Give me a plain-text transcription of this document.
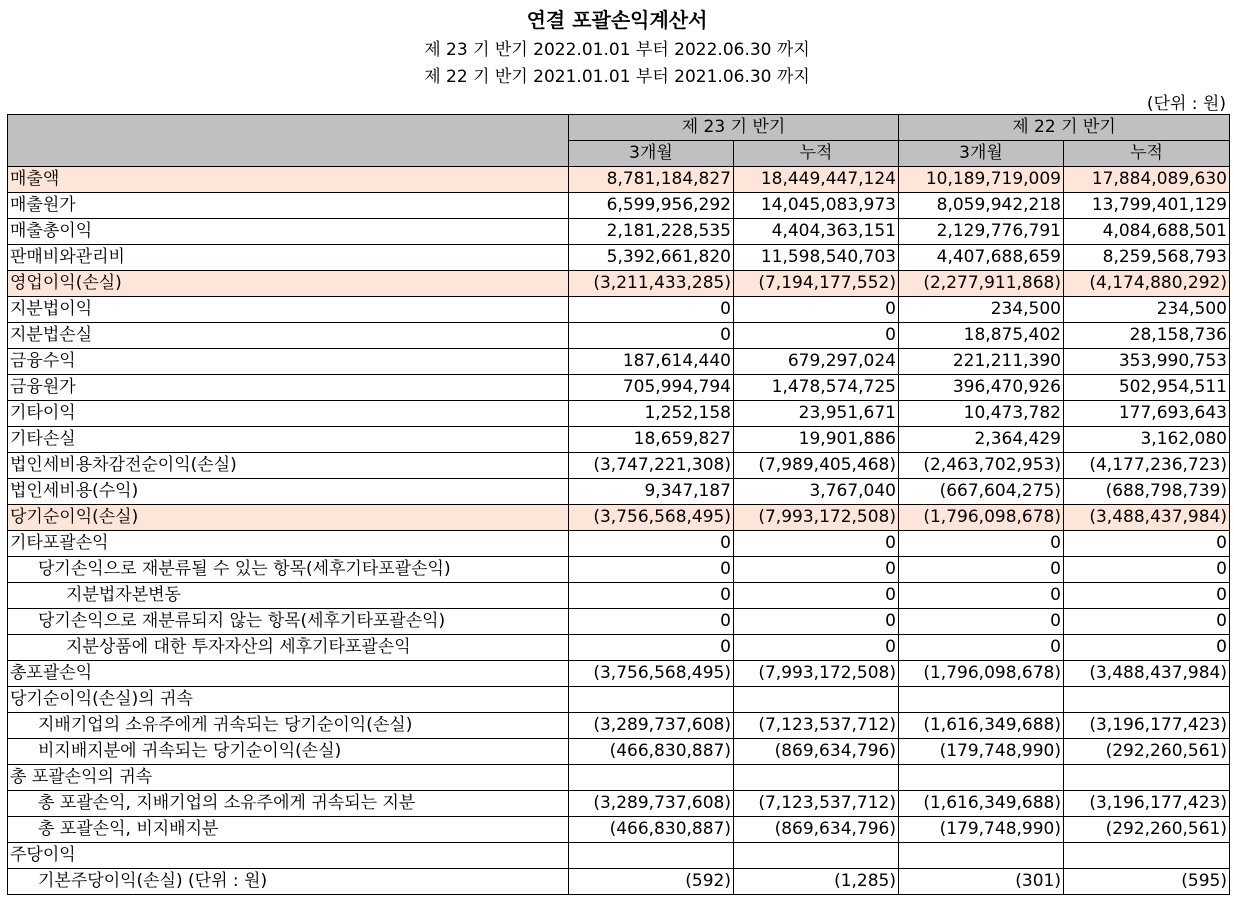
연결 포괄손익계산서
제 23 기 반기 2022.01.01 부터 2022.06.30 까지
제 22 기 반기 2021.01.01 부터 2021.06.30 까지
(단위 : 원)
	제 23 기 반기		제 22 기 반기	
	3개월	누적	3개월	누적
매출액	8,781,184,827	18,449,447,124	10,189,719,009	17,884,089,630
매출원가	6,599,956,292	14,045,083,973	8,059,942,218	13,799,401,129
매출총이익	2,181,228,535	4,404,363,151	2,129,776,791	4,084,688,501
판매비와관리비	5,392,661,820	11,598,540,703	4,407,688,659	8,259,568,793
영업이익(손실)	(3,211,433,285)	(7,194,177,552)	(2,277,911,868)	(4,174,880,292)
지분법이익	0	0	234,500	234,500
지분법손실	0	0	18,875,402	28,158,736
금융수익	187,614,440	679,297,024	221,211,390	353,990,753
금융원가	705,994,794	1,478,574,725	396,470,926	502,954,511
기타이익	1,252,158	23,951,671	10,473,782	177,693,643
기타손실	18,659,827	19,901,886	2,364,429	3,162,080
법인세비용차감전순이익(손실)	(3,747,221,308)	(7,989,405,468)	(2,463,702,953)	(4,177,236,723)
법인세비용(수익)	9,347,187	3,767,040	(667,604,275)	(688,798,739)
당기순이익(손실)	(3,756,568,495)	(7,993,172,508)	(1,796,098,678)	(3,488,437,984)
기타포괄손익	0	0	0	0
당기손익으로 재분류될 수 있는 항목(세후기타포괄손익)	0	0	0	0
지분법자본변동	0	0	0	0
당기손익으로 재분류되지 않는 항목(세후기타포괄손익)	0	0	0	0
지분상품에 대한 투자자산의 세후기타포괄손익	0	0	0	0
총포괄손익	(3,756,568,495)	(7,993,172,508)	(1,796,098,678)	(3,488,437,984)
당기순이익(손실)의 귀속				
지배기업의 소유주에게 귀속되는 당기순이익(손실)	(3,289,737,608)	(7,123,537,712)	(1,616,349,688)	(3,196,177,423)
비지배지분에 귀속되는 당기순이익(손실)	(466,830,887)	(869,634,796)	(179,748,990)	(292,260,561)
총 포괄손익의 귀속				
총 포괄손익, 지배기업의 소유주에게 귀속되는 지분	(3,289,737,608)	(7,123,537,712)	(1,616,349,688)	(3,196,177,423)
총 포괄손익, 비지배지분	(466,830,887)	(869,634,796)	(179,748,990)	(292,260,561)
주당이익				
기본주당이익(손실) (단위 : 원)	(592)	(1,285)	(301)	(595)
